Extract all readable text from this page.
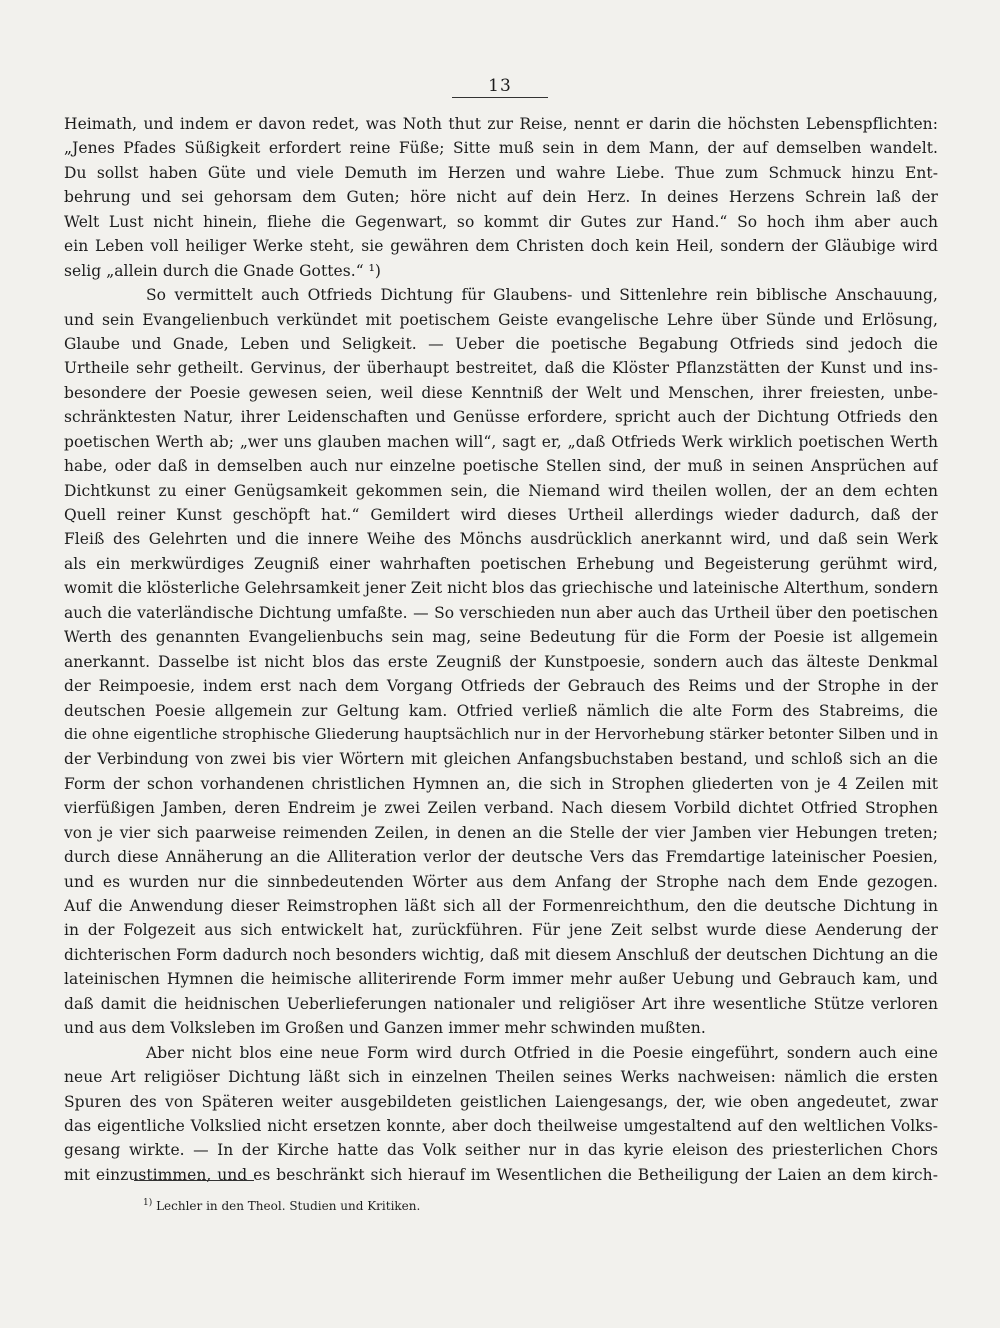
13
Heimath, und indem er davon redet, was Noth thut zur Reise, nennt er darin die höchsten Lebenspflichten:
„Jenes Pfades Süßigkeit erfordert reine Füße; Sitte muß sein in dem Mann, der auf demselben wandelt.
Du sollst haben Güte und viele Demuth im Herzen und wahre Liebe. Thue zum Schmuck hinzu Ent-
behrung und sei gehorsam dem Guten; höre nicht auf dein Herz. In deines Herzens Schrein laß der
Welt Lust nicht hinein, fliehe die Gegenwart, so kommt dir Gutes zur Hand.“ So hoch ihm aber auch
ein Leben voll heiliger Werke steht, sie gewähren dem Christen doch kein Heil, sondern der Gläubige wird
selig „allein durch die Gnade Gottes.“ ¹)
So vermittelt auch Otfrieds Dichtung für Glaubens- und Sittenlehre rein biblische Anschauung,
und sein Evangelienbuch verkündet mit poetischem Geiste evangelische Lehre über Sünde und Erlösung,
Glaube und Gnade, Leben und Seligkeit. — Ueber die poetische Begabung Otfrieds sind jedoch die
Urtheile sehr getheilt. Gervinus, der überhaupt bestreitet, daß die Klöster Pflanzstätten der Kunst und ins-
besondere der Poesie gewesen seien, weil diese Kenntniß der Welt und Menschen, ihrer freiesten, unbe-
schränktesten Natur, ihrer Leidenschaften und Genüsse erfordere, spricht auch der Dichtung Otfrieds den
poetischen Werth ab; „wer uns glauben machen will“, sagt er, „daß Otfrieds Werk wirklich poetischen Werth
habe, oder daß in demselben auch nur einzelne poetische Stellen sind, der muß in seinen Ansprüchen auf
Dichtkunst zu einer Genügsamkeit gekommen sein, die Niemand wird theilen wollen, der an dem echten
Quell reiner Kunst geschöpft hat.“ Gemildert wird dieses Urtheil allerdings wieder dadurch, daß der
Fleiß des Gelehrten und die innere Weihe des Mönchs ausdrücklich anerkannt wird, und daß sein Werk
als ein merkwürdiges Zeugniß einer wahrhaften poetischen Erhebung und Begeisterung gerühmt wird,
womit die klösterliche Gelehrsamkeit jener Zeit nicht blos das griechische und lateinische Alterthum, sondern
auch die vaterländische Dichtung umfaßte. — So verschieden nun aber auch das Urtheil über den poetischen
Werth des genannten Evangelienbuchs sein mag, seine Bedeutung für die Form der Poesie ist allgemein
anerkannt. Dasselbe ist nicht blos das erste Zeugniß der Kunstpoesie, sondern auch das älteste Denkmal
der Reimpoesie, indem erst nach dem Vorgang Otfrieds der Gebrauch des Reims und der Strophe in der
deutschen Poesie allgemein zur Geltung kam. Otfried verließ nämlich die alte Form des Stabreims, die
die ohne eigentliche strophische Gliederung hauptsächlich nur in der Hervorhebung stärker betonter Silben und in
der Verbindung von zwei bis vier Wörtern mit gleichen Anfangsbuchstaben bestand, und schloß sich an die
Form der schon vorhandenen christlichen Hymnen an, die sich in Strophen gliederten von je 4 Zeilen mit
vierfüßigen Jamben, deren Endreim je zwei Zeilen verband. Nach diesem Vorbild dichtet Otfried Strophen
von je vier sich paarweise reimenden Zeilen, in denen an die Stelle der vier Jamben vier Hebungen treten;
durch diese Annäherung an die Alliteration verlor der deutsche Vers das Fremdartige lateinischer Poesien,
und es wurden nur die sinnbedeutenden Wörter aus dem Anfang der Strophe nach dem Ende gezogen.
Auf die Anwendung dieser Reimstrophen läßt sich all der Formenreichthum, den die deutsche Dichtung in
in der Folgezeit aus sich entwickelt hat, zurückführen. Für jene Zeit selbst wurde diese Aenderung der
dichterischen Form dadurch noch besonders wichtig, daß mit diesem Anschluß der deutschen Dichtung an die
lateinischen Hymnen die heimische alliterirende Form immer mehr außer Uebung und Gebrauch kam, und
daß damit die heidnischen Ueberlieferungen nationaler und religiöser Art ihre wesentliche Stütze verloren
und aus dem Volksleben im Großen und Ganzen immer mehr schwinden mußten.
Aber nicht blos eine neue Form wird durch Otfried in die Poesie eingeführt, sondern auch eine
neue Art religiöser Dichtung läßt sich in einzelnen Theilen seines Werks nachweisen: nämlich die ersten
Spuren des von Späteren weiter ausgebildeten geistlichen Laiengesangs, der, wie oben angedeutet, zwar
das eigentliche Volkslied nicht ersetzen konnte, aber doch theilweise umgestaltend auf den weltlichen Volks-
gesang wirkte. — In der Kirche hatte das Volk seither nur in das kyrie eleison des priesterlichen Chors
mit einzustimmen, und es beschränkt sich hierauf im Wesentlichen die Betheiligung der Laien an dem kirch-
$^{1)}$ Lechler in den Theol. Studien und Kritiken.
